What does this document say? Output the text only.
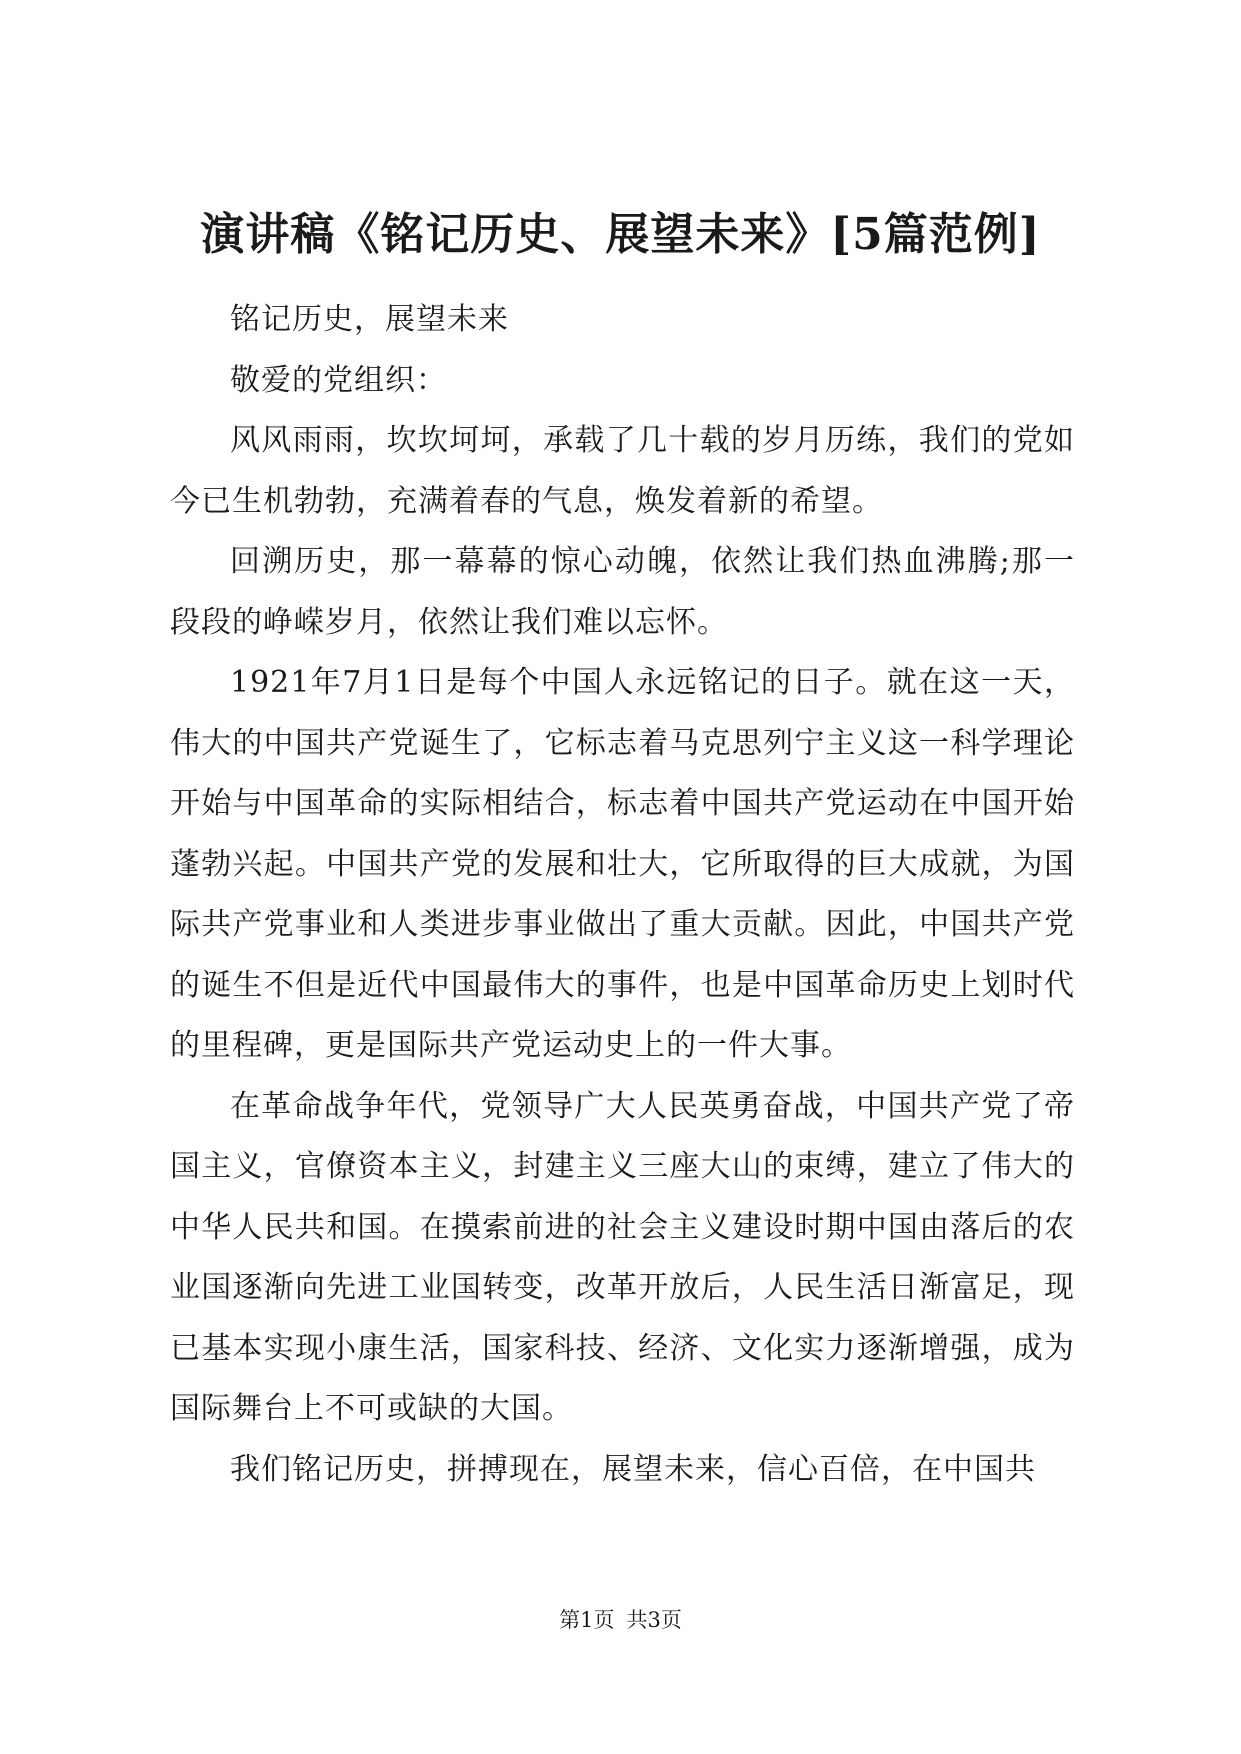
演讲稿《铭记历史、展望未来》[5篇范例]

铭记历史，展望未来

敬爱的党组织：

风风雨雨，坎坎坷坷，承载了几十载的岁月历练，我们的党如今已生机勃勃，充满着春的气息，焕发着新的希望。

回溯历史，那一幕幕的惊心动魄，依然让我们热血沸腾;那一段段的峥嵘岁月，依然让我们难以忘怀。

1921年7月1日是每个中国人永远铭记的日子。就在这一天，伟大的中国共产党诞生了，它标志着马克思列宁主义这一科学理论开始与中国革命的实际相结合，标志着中国共产党运动在中国开始蓬勃兴起。中国共产党的发展和壮大，它所取得的巨大成就，为国际共产党事业和人类进步事业做出了重大贡献。因此，中国共产党的诞生不但是近代中国最伟大的事件，也是中国革命历史上划时代的里程碑，更是国际共产党运动史上的一件大事。

在革命战争年代，党领导广大人民英勇奋战，中国共产党了帝国主义，官僚资本主义，封建主义三座大山的束缚，建立了伟大的中华人民共和国。在摸索前进的社会主义建设时期中国由落后的农业国逐渐向先进工业国转变，改革开放后，人民生活日渐富足，现已基本实现小康生活，国家科技、经济、文化实力逐渐增强，成为国际舞台上不可或缺的大国。

我们铭记历史，拼搏现在，展望未来，信心百倍，在中国共

第1页 共3页
